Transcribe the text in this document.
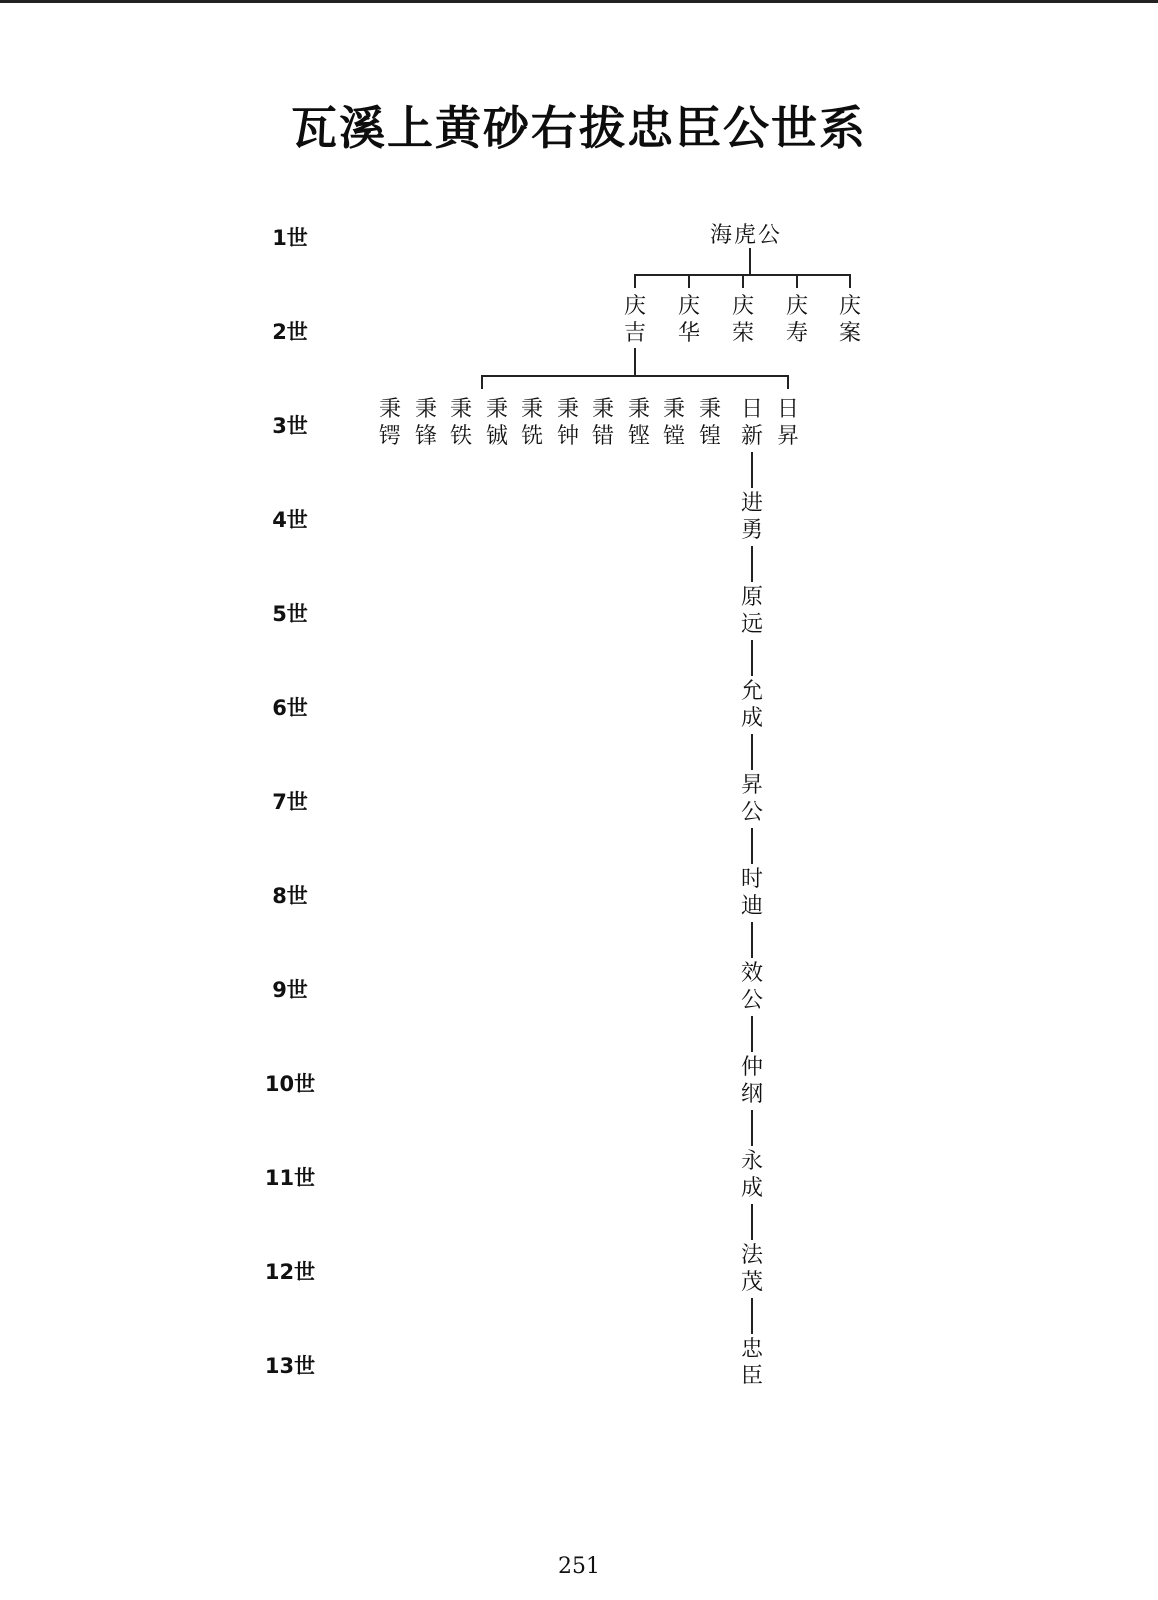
瓦溪上黄砂右拔忠臣公世系
1世
2世
3世
4世
5世
6世
7世
8世
9世
10世
11世
12世
13世
海虎公
庆
吉
庆
华
庆
荣
庆
寿
庆
案
秉
锷
秉
锋
秉
铁
秉
铖
秉
铣
秉
钟
秉
错
秉
铿
秉
镗
秉
锽
日
新
日
昇
进
勇
原
远
允
成
昇
公
时
迪
效
公
仲
纲
永
成
法
茂
忠
臣
251
